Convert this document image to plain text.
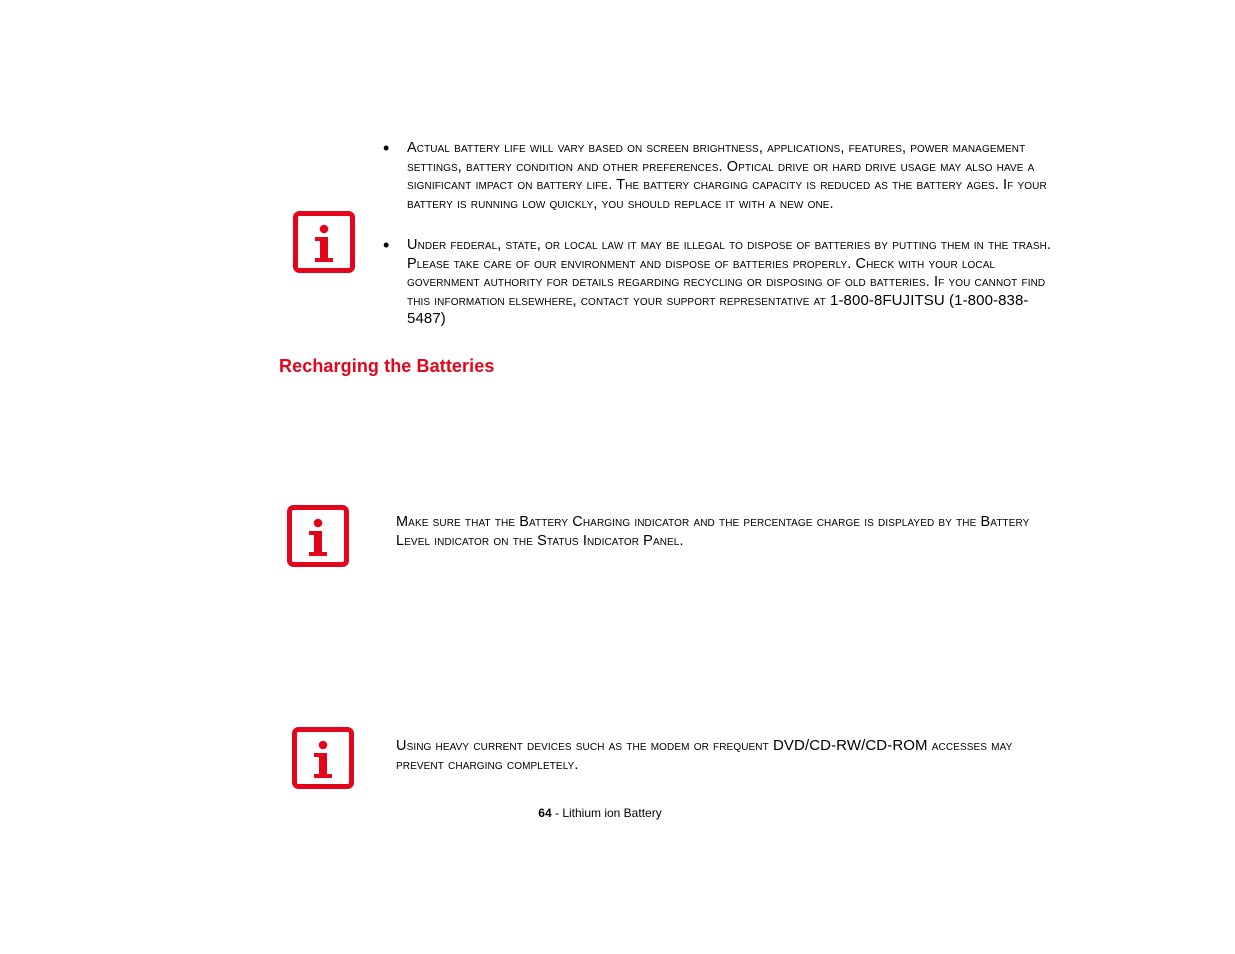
• Actual battery life will vary based on screen brightness, applications, features, power management settings, battery condition and other preferences. Optical drive or hard drive usage may also have a significant impact on battery life. The battery charging capacity is reduced as the battery ages. If your battery is running low quickly, you should replace it with a new one.
• Under federal, state, or local law it may be illegal to dispose of batteries by putting them in the trash. Please take care of our environment and dispose of batteries properly. Check with your local government authority for details regarding recycling or disposing of old batteries. If you cannot find this information elsewhere, contact your support representative at 1-800-8FUJITSU (1-800-838-5487)
Recharging the Batteries
Make sure that the Battery Charging indicator and the percentage charge is displayed by the Battery Level indicator on the Status Indicator Panel.
Using heavy current devices such as the modem or frequent DVD/CD-RW/CD-ROM accesses may prevent charging completely.
64 - Lithium ion Battery
